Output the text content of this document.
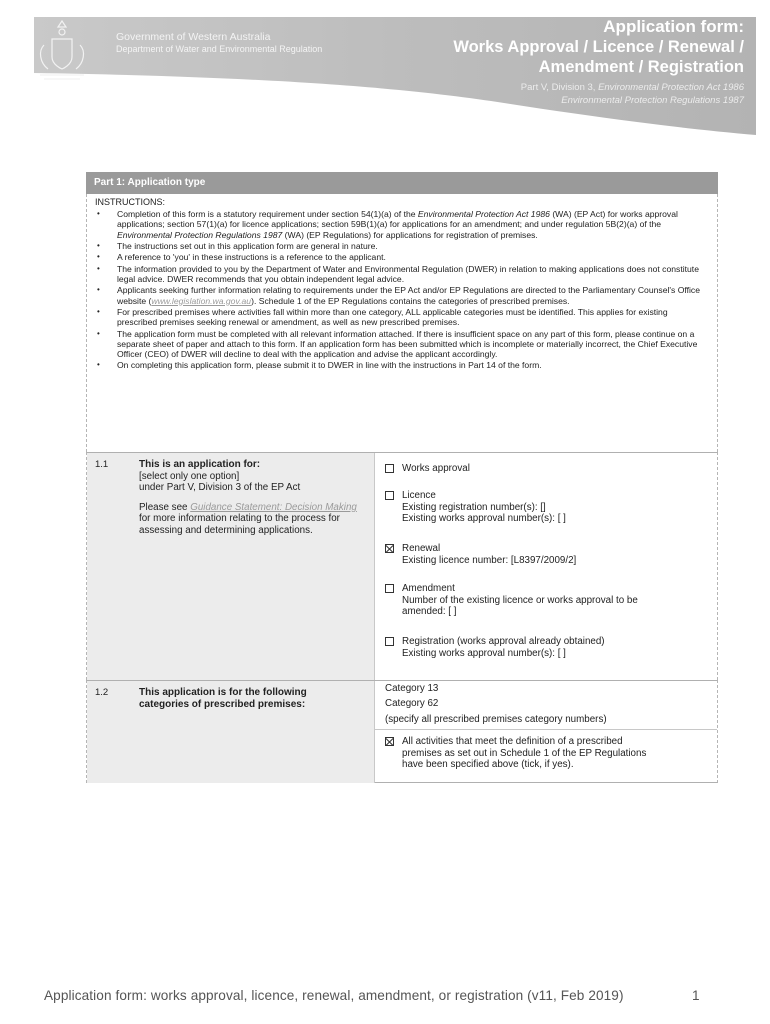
Government of Western Australia
Department of Water and Environmental Regulation
Application form:
Works Approval / Licence / Renewal /
Amendment / Registration
Part V, Division 3, Environmental Protection Act 1986
Environmental Protection Regulations 1987
Part 1: Application type
INSTRUCTIONS:
• Completion of this form is a statutory requirement under section 54(1)(a) of the Environmental Protection Act 1986 (WA) (EP Act) for works approval applications; section 57(1)(a) for licence applications; section 59B(1)(a) for applications for an amendment; and under regulation 5B(2)(a) of the Environmental Protection Regulations 1987 (WA) (EP Regulations) for applications for registration of premises.
• The instructions set out in this application form are general in nature.
• A reference to 'you' in these instructions is a reference to the applicant.
• The information provided to you by the Department of Water and Environmental Regulation (DWER) in relation to making applications does not constitute legal advice. DWER recommends that you obtain independent legal advice.
• Applicants seeking further information relating to requirements under the EP Act and/or EP Regulations are directed to the Parliamentary Counsel's Office website (www.legislation.wa.gov.au). Schedule 1 of the EP Regulations contains the categories of prescribed premises.
• For prescribed premises where activities fall within more than one category, ALL applicable categories must be identified. This applies for existing prescribed premises seeking renewal or amendment, as well as new prescribed premises.
• The application form must be completed with all relevant information attached. If there is insufficient space on any part of this form, please continue on a separate sheet of paper and attach to this form. If an application form has been submitted which is incomplete or materially incorrect, the Chief Executive Officer (CEO) of DWER will decline to deal with the application and advise the applicant accordingly.
• On completing this application form, please submit it to DWER in line with the instructions in Part 14 of the form.
1.1	This is an application for:
[select only one option]
under Part V, Division 3 of the EP Act
Please see Guidance Statement: Decision Making for more information relating to the process for assessing and determining applications.
Works approval
Licence
Existing registration number(s): []
Existing works approval number(s): [ ]
Renewal
Existing licence number: [L8397/2009/2]
Amendment
Number of the existing licence or works approval to be
amended: [ ]
Registration (works approval already obtained)
Existing works approval number(s): [ ]
1.2	This application is for the following
categories of prescribed premises:
Category 13
Category 62
(specify all prescribed premises category numbers)
All activities that meet the definition of a prescribed
premises as set out in Schedule 1 of the EP Regulations
have been specified above (tick, if yes).
Application form: works approval, licence, renewal, amendment, or registration (v11, Feb 2019)	1
